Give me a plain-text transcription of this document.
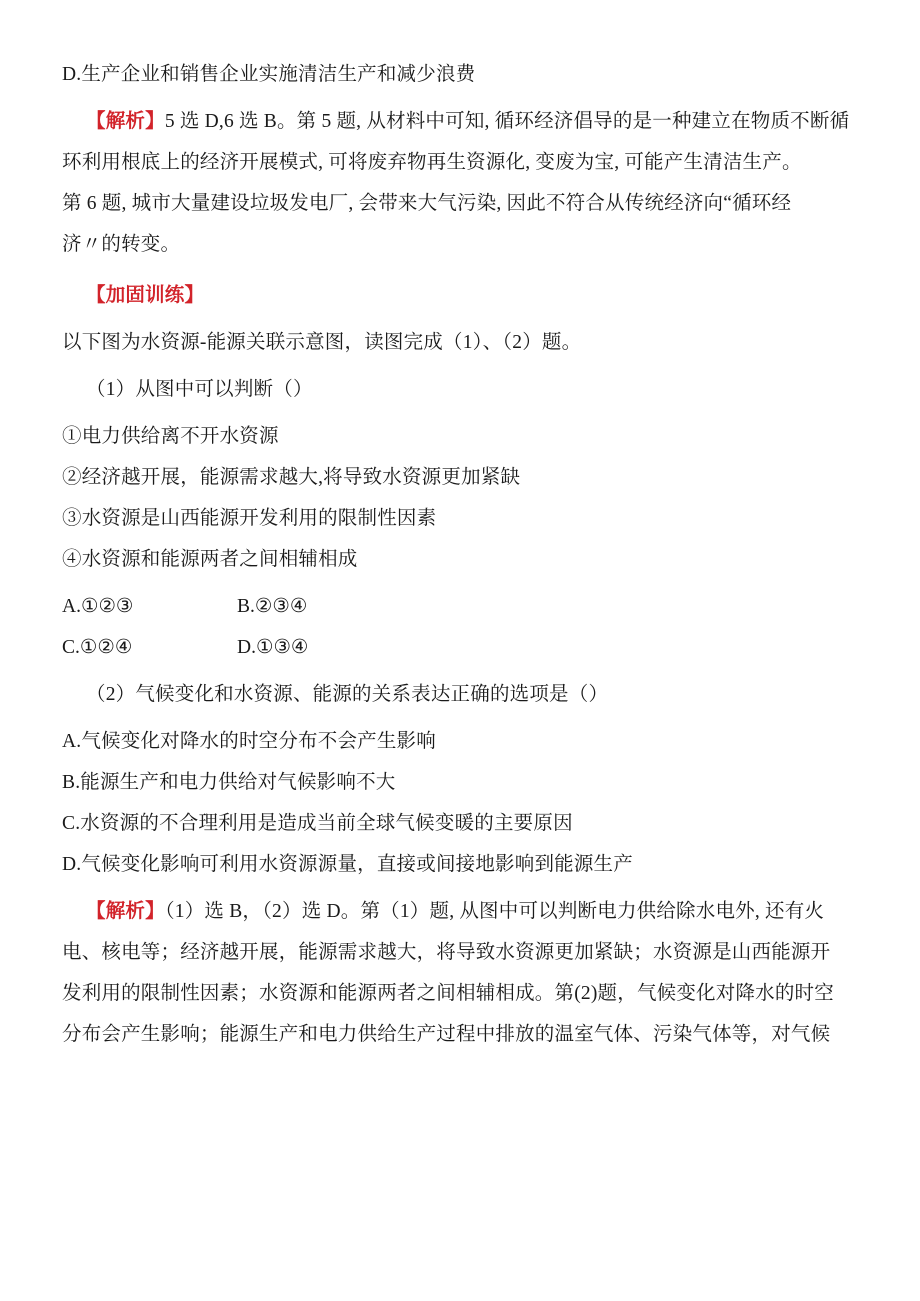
D.生产企业和销售企业实施清洁生产和减少浪费
【解析】5 选 D,6 选 B。第 5 题, 从材料中可知, 循环经济倡导的是一种建立在物质不断循
环利用根底上的经济开展模式, 可将废弃物再生资源化, 变废为宝, 可能产生清洁生产。
第 6 题, 城市大量建设垃圾发电厂, 会带来大气污染, 因此不符合从传统经济向“循环经
济〃的转变。
【加固训练】
以下图为水资源-能源关联示意图，读图完成（1）、（2）题。
（1）从图中可以判断（）
①电力供给离不开水资源
②经济越开展，能源需求越大,将导致水资源更加紧缺
③水资源是山西能源开发利用的限制性因素
④水资源和能源两者之间相辅相成
A.①②③	B.②③④
C.①②④	D.①③④
（2）气候变化和水资源、能源的关系表达正确的选项是（）
A.气候变化对降水的时空分布不会产生影响
B.能源生产和电力供给对气候影响不大
C.水资源的不合理利用是造成当前全球气候变暖的主要原因
D.气候变化影响可利用水资源源量，直接或间接地影响到能源生产
【解析】（1）选 B，（2）选 D。第（1）题, 从图中可以判断电力供给除水电外, 还有火
电、核电等；经济越开展，能源需求越大，将导致水资源更加紧缺；水资源是山西能源开
发利用的限制性因素；水资源和能源两者之间相辅相成。第(2)题，气候变化对降水的时空
分布会产生影响；能源生产和电力供给生产过程中排放的温室气体、污染气体等，对气候
